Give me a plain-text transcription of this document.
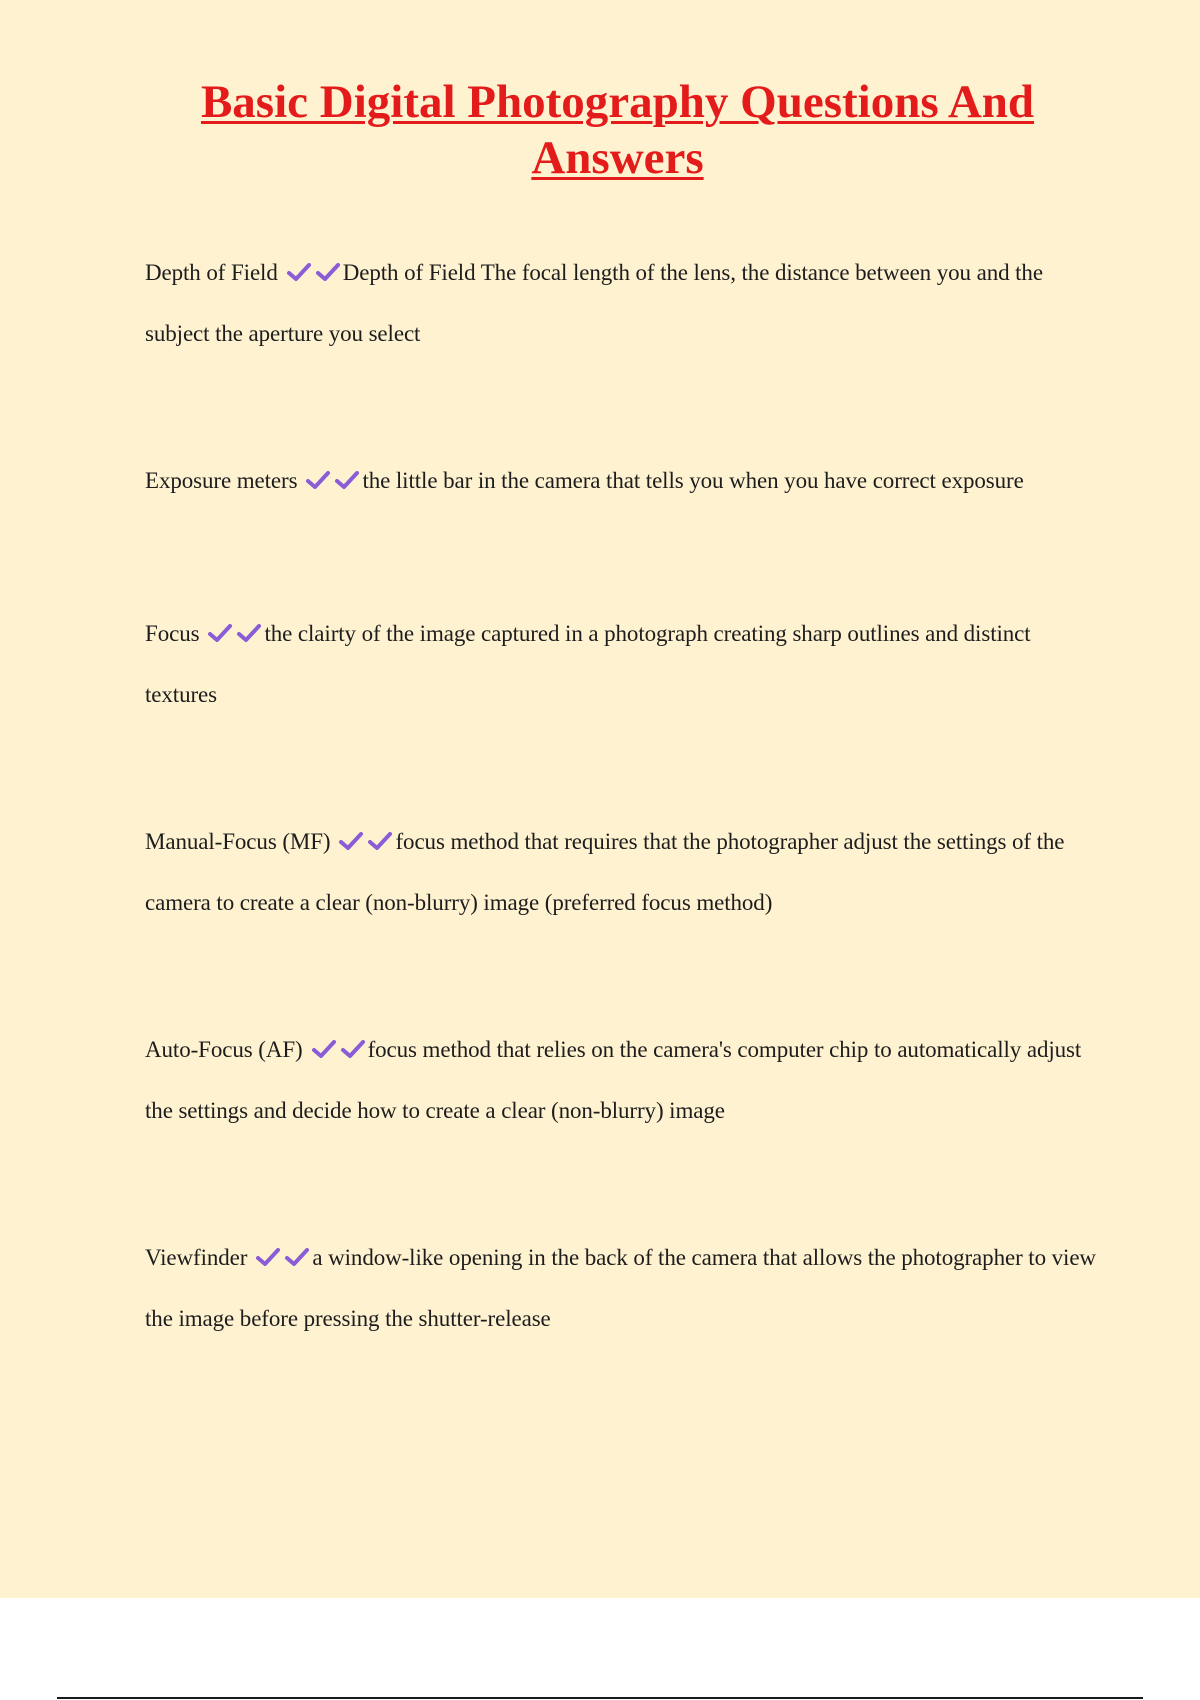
Basic Digital Photography Questions And Answers

Depth of Field	Depth of Field The focal length of the lens, the distance between you and the subject the aperture you select

Exposure meters	the little bar in the camera that tells you when you have correct exposure

Focus	the clairty of the image captured in a photograph creating sharp outlines and distinct textures

Manual-Focus (MF)	focus method that requires that the photographer adjust the settings of the camera to create a clear (non-blurry) image (preferred focus method)

Auto-Focus (AF)	focus method that relies on the camera's computer chip to automatically adjust the settings and decide how to create a clear (non-blurry) image

Viewfinder	a window-like opening in the back of the camera that allows the photographer to view the image before pressing the shutter-release
